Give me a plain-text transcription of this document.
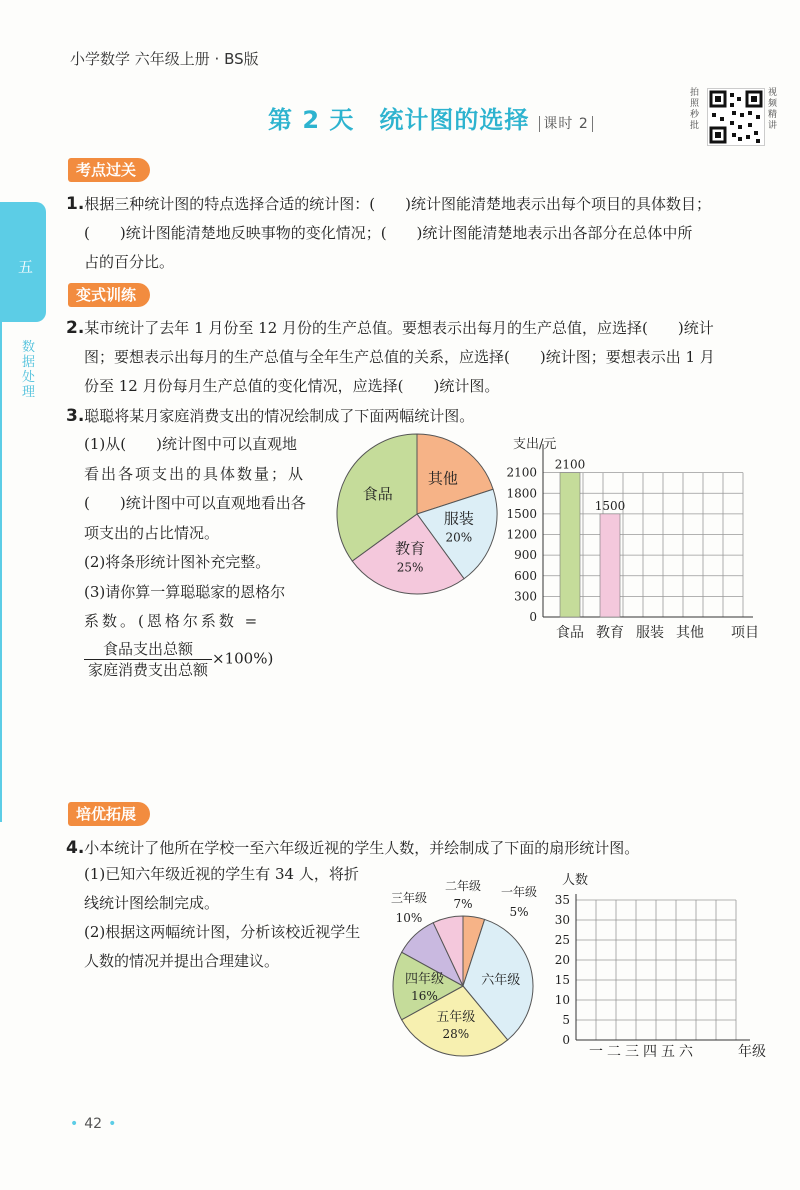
小学数学 六年级上册 · BS版
第 2 天　统计图的选择 课时 2
拍照秒批
视频精讲
五
数据处理
考点过关
1.根据三种统计图的特点选择合适的统计图：(　　)统计图能清楚地表示出每个项目的具体数目；
(　　)统计图能清楚地反映事物的变化情况；(　　)统计图能清楚地表示出各部分在总体中所
占的百分比。
变式训练
2.某市统计了去年 1 月份至 12 月份的生产总值。要想表示出每月的生产总值，应选择(　　)统计
图；要想表示出每月的生产总值与全年生产总值的关系，应选择(　　)统计图；要想表示出 1 月
份至 12 月份每月生产总值的变化情况，应选择(　　)统计图。
3.聪聪将某月家庭消费支出的情况绘制成了下面两幅统计图。
(1)从(　　)统计图中可以直观地
看出各项支出的具体数量；从
(　　)统计图中可以直观地看出各
项支出的占比情况。
(2)将条形统计图补充完整。
(3)请你算一算聪聪家的恩格尔
系数。(恩格尔系数 =
$\frac{\text{食品支出总额}}{\text{家庭消费支出总额}} \times 100\%$)
其他
服装
20%
教育
25%
食品
0
300
600
900
1200
1500
1800
2100
支出/元
2100
食品
1500
教育 服装 其他 项目
培优拓展
4.小本统计了他所在学校一至六年级近视的学生人数，并绘制成了下面的扇形统计图。
(1)已知六年级近视的学生有 34 人，将折
线统计图绘制完成。
(2)根据这两幅统计图，分析该校近视学生
人数的情况并提出合理建议。
六年级
五年级
28%
四年级
16%
一年级
5%
二年级
7%
三年级
10%
人数
0
5
10
15
20
25
30
35
一 二 三 四 五 六	年级
• 42 •
